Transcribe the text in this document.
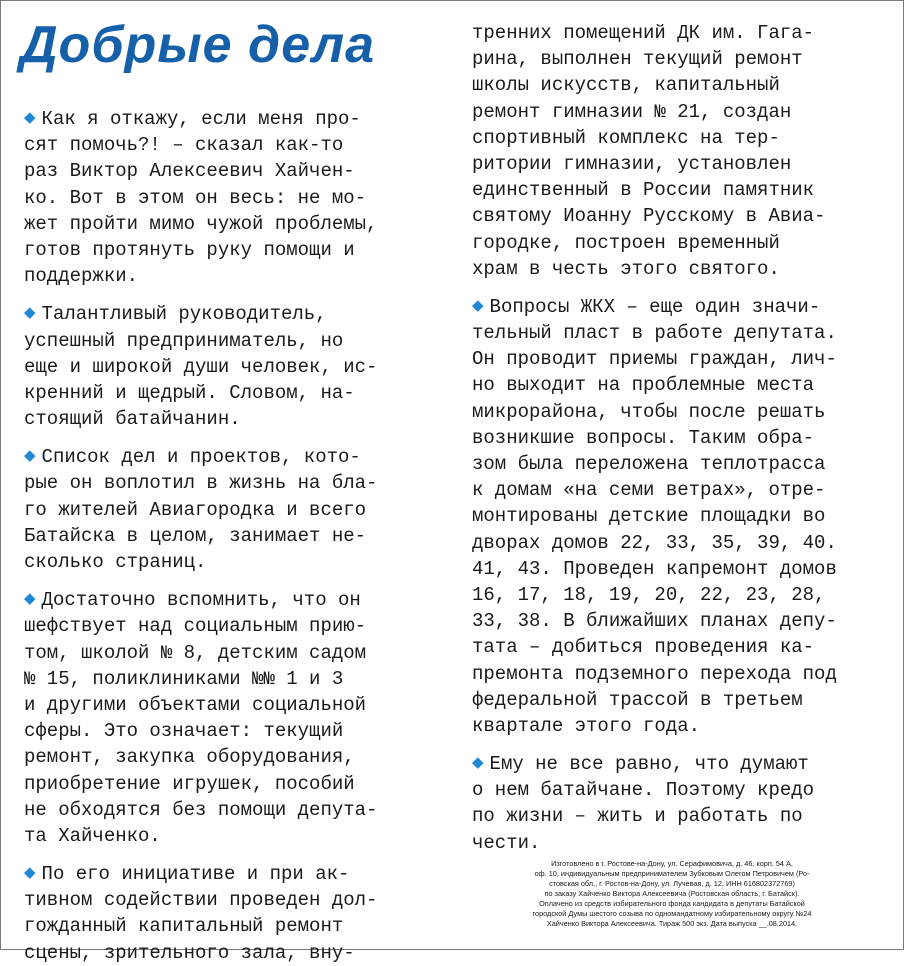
Добрые дела
◆ Как я откажу, если меня про-
сят помочь?! – сказал как-то
раз Виктор Алексеевич Хайчен-
ко. Вот в этом он весь: не мо-
жет пройти мимо чужой проблемы,
готов протянуть руку помощи и
поддержки.
◆ Талантливый руководитель,
успешный предприниматель, но
еще и широкой души человек, ис-
кренний и щедрый. Словом, на-
стоящий батайчанин.
◆ Список дел и проектов, кото-
рые он воплотил в жизнь на бла-
го жителей Авиагородка и всего
Батайска в целом, занимает не-
сколько страниц.
◆ Достаточно вспомнить, что он
шефствует над социальным прию-
том, школой № 8, детским садом
№ 15, поликлиниками №№ 1 и 3
и другими объектами социальной
сферы. Это означает: текущий
ремонт, закупка оборудования,
приобретение игрушек, пособий
не обходятся без помощи депута-
та Хайченко.
◆ По его инициативе и при ак-
тивном содействии проведен дол-
гожданный капитальный ремонт
сцены, зрительного зала, вну-
тренних помещений ДК им. Гага-
рина, выполнен текущий ремонт
школы искусств, капитальный
ремонт гимназии № 21, создан
спортивный комплекс на тер-
ритории гимназии, установлен
единственный в России памятник
святому Иоанну Русскому в Авиа-
городке, построен временный
храм в честь этого святого.
◆ Вопросы ЖКХ – еще один значи-
тельный пласт в работе депутата.
Он проводит приемы граждан, лич-
но выходит на проблемные места
микрорайона, чтобы после решать
возникшие вопросы. Таким обра-
зом была переложена теплотрасса
к домам «на семи ветрах», отре-
монтированы детские площадки во
дворах домов 22, 33, 35, 39, 40.
41, 43. Проведен капремонт домов
16, 17, 18, 19, 20, 22, 23, 28,
33, 38. В ближайших планах депу-
тата – добиться проведения ка-
премонта подземного перехода под
федеральной трассой в третьем
квартале этого года.
◆ Ему не все равно, что думают
о нем батайчане. Поэтому кредо
по жизни – жить и работать по
чести.
Изготовлено в г. Ростове-на-Дону, ул. Серафимовича, д. 46, корп. 54 А,
оф. 10, индивидуальным предпринимателем Зубковым Олегом Петровичем (Ро-
стовская обл., г. Ростов-на-Дону, ул. Лучевая, д. 12, ИНН 616802372769)
по заказу Хайченко Виктора Алексеевича (Ростовская область, г. Батайск).
Оплачено из средств избирательного фонда кандидата в депутаты Батайской
городской Думы шестого созыва по одномандатному избирательному округу №24
Хайченко Виктора Алексеевича. Тираж 500 экз. Дата выпуска __.08.2014.
